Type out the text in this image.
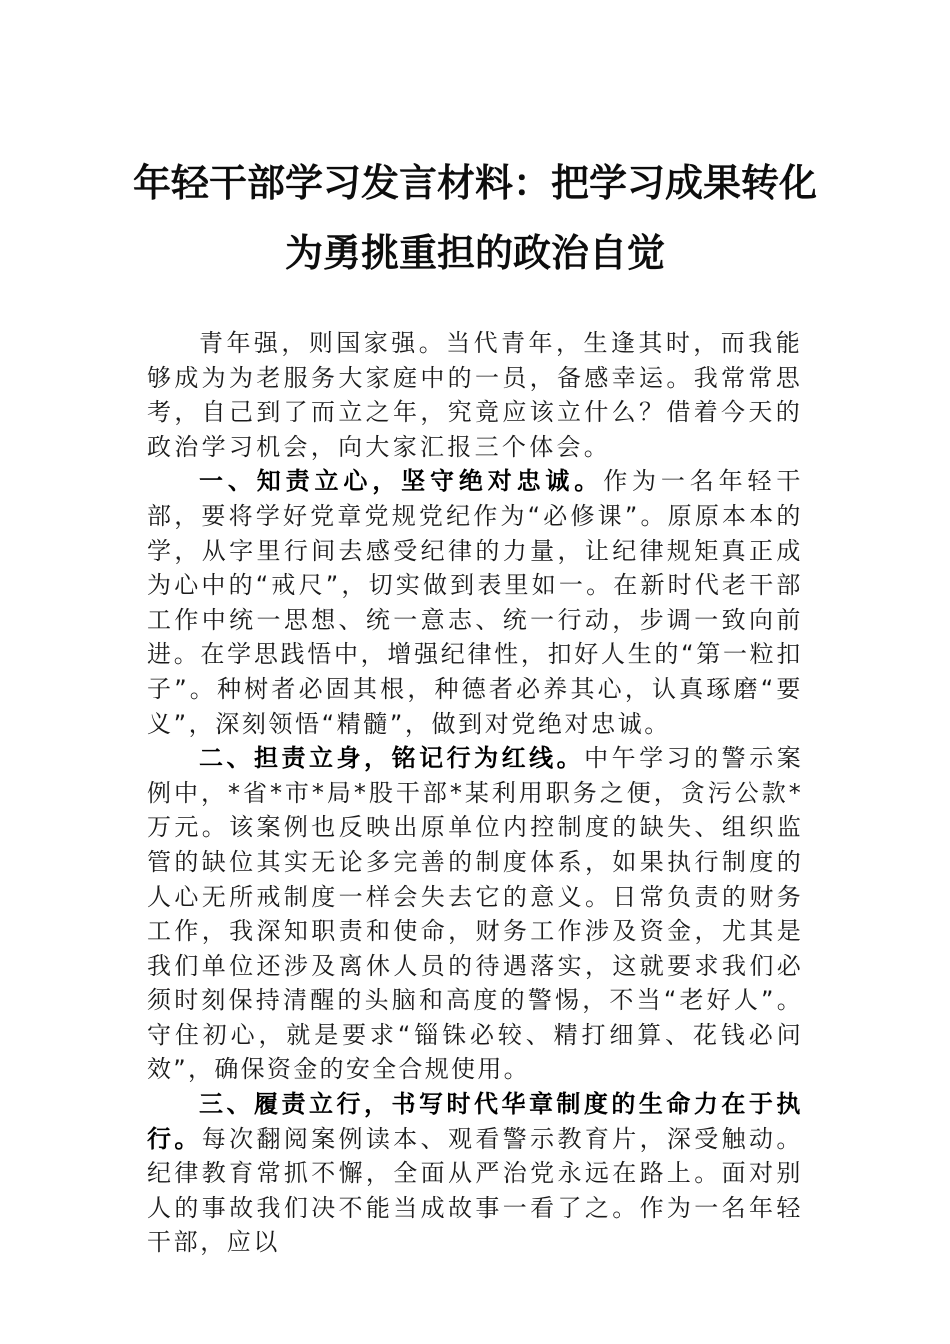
年轻干部学习发言材料：把学习成果转化
为勇挑重担的政治自觉

青年强，则国家强。当代青年，生逢其时，而我能够成为为老服务大家庭中的一员，备感幸运。我常常思考，自己到了而立之年，究竟应该立什么？借着今天的政治学习机会，向大家汇报三个体会。

一、知责立心，坚守绝对忠诚。作为一名年轻干部，要将学好党章党规党纪作为“必修课”。原原本本的学，从字里行间去感受纪律的力量，让纪律规矩真正成为心中的“戒尺”，切实做到表里如一。在新时代老干部工作中统一思想、统一意志、统一行动，步调一致向前进。在学思践悟中，增强纪律性，扣好人生的“第一粒扣子”。种树者必固其根，种德者必养其心，认真琢磨“要义”，深刻领悟“精髓”，做到对党绝对忠诚。

二、担责立身，铭记行为红线。中午学习的警示案例中，*省*市*局*股干部*某利用职务之便，贪污公款*万元。该案例也反映出原单位内控制度的缺失、组织监管的缺位其实无论多完善的制度体系，如果执行制度的人心无所戒制度一样会失去它的意义。日常负责的财务工作，我深知职责和使命，财务工作涉及资金，尤其是我们单位还涉及离休人员的待遇落实，这就要求我们必须时刻保持清醒的头脑和高度的警惕，不当“老好人”。守住初心，就是要求“锱铢必较、精打细算、花钱必问效”，确保资金的安全合规使用。

三、履责立行，书写时代华章制度的生命力在于执行。每次翻阅案例读本、观看警示教育片，深受触动。纪律教育常抓不懈，全面从严治党永远在路上。面对别人的事故我们决不能当成故事一看了之。作为一名年轻干部，应以
